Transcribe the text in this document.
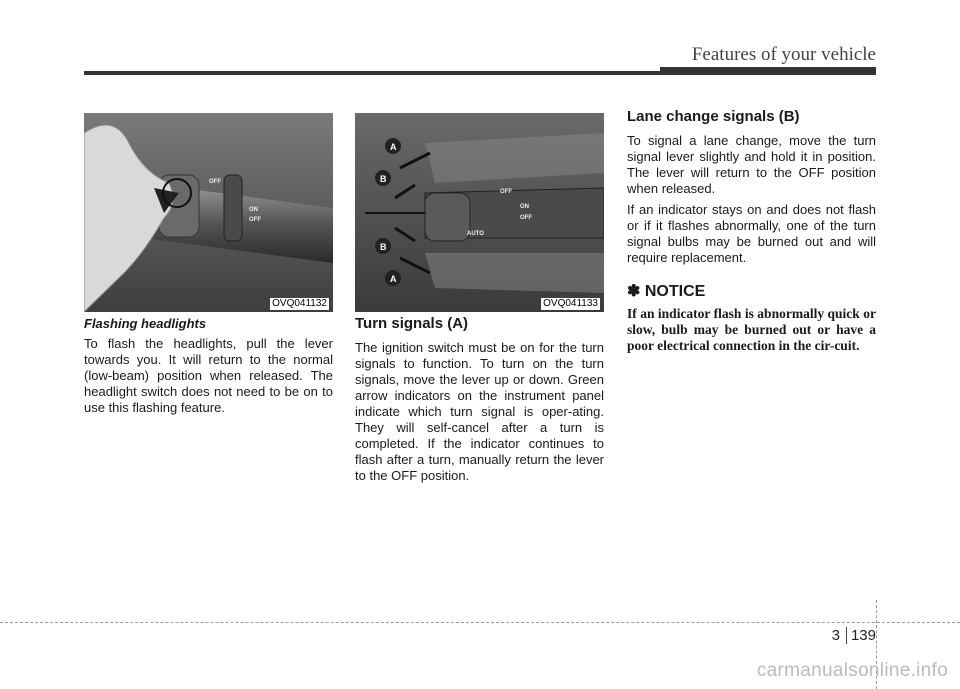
Features of your vehicle
OFF
ON
OFF
OVQ041132
OFF
ON
OFF
AUTO
A
B
B
A
OVQ041133
Flashing headlights

To flash the headlights, pull the lever towards you. It will return to the normal (low-beam) position when released. The headlight switch does not need to be on to use this flashing feature.

Turn signals (A)

The ignition switch must be on for the turn signals to function. To turn on the turn signals, move the lever up or down. Green arrow indicators on the instrument panel indicate which turn signal is oper-ating. They will self-cancel after a turn is completed. If the indicator continues to flash after a turn, manually return the lever to the OFF position.

Lane change signals (B)

To signal a lane change, move the turn signal lever slightly and hold it in position. The lever will return to the OFF position when released.

If an indicator stays on and does not flash or if it flashes abnormally, one of the turn signal bulbs may be burned out and will require replacement.

✽ NOTICE
If an indicator flash is abnormally quick or slow, bulb may be burned out or have a poor electrical connection in the cir-cuit.
3 139
carmanualsonline.info
